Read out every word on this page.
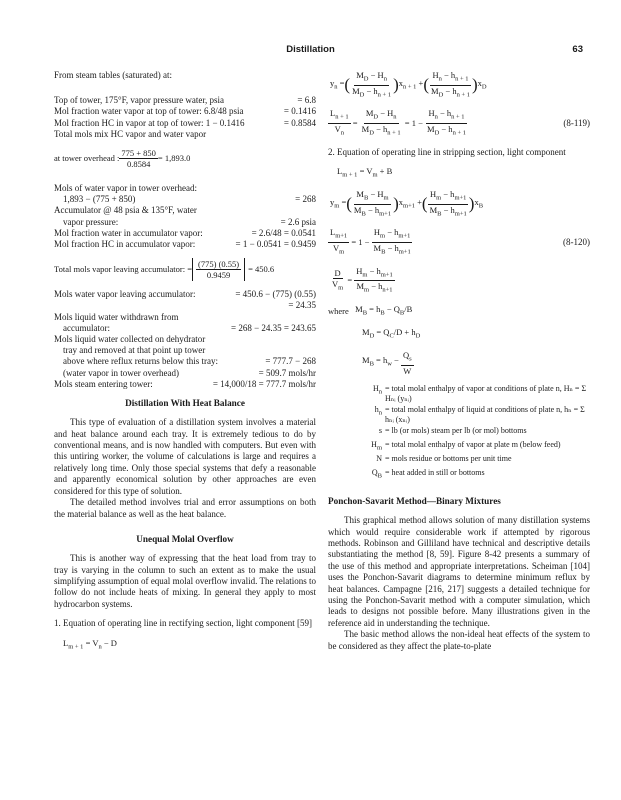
Distillation	63
From steam tables (saturated) at:
Top of tower, 175°F, vapor pressure water, psia	= 6.8
Mol fraction water vapor at top of tower: 6.8/48 psia	= 0.1416
Mol fraction HC in vapor at top of tower: 1 − 0.1416	= 0.8584
Total mols mix HC vapor and water vapor
at tower overhead : $\frac{775 + 850}{0.8584} = 1,893.0$
Mols of water vapor in tower overhead:
1,893 − (775 + 850)	= 268
Accumulator @ 48 psia & 135°F, water
vapor pressure:	= 2.6 psia
Mol fraction water in accumulator vapor:	= 2.6/48 = 0.0541
Mol fraction HC in accumulator vapor:	= 1 − 0.0541 = 0.9459
Total mols vapor leaving accumulator: = $\frac{(775) (0.55)}{0.9459} = 450.6$
Mols water vapor leaving accumulator:	= 450.6 − (775) (0.55)
= 24.35
Mols liquid water withdrawn from
accumulator:	= 268 − 24.35 = 243.65
Mols liquid water collected on dehydrator
tray and removed at that point up tower
above where reflux returns below this tray:	= 777.7 − 268
(water vapor in tower overhead)	= 509.7 mols/hr
Mols steam entering tower:	= 14,000/18 = 777.7 mols/hr
Distillation With Heat Balance
This type of evaluation of a distillation system involves a material and heat balance around each tray. It is extremely tedious to do by conventional means, and is now handled with computers. But even with this untiring worker, the volume of calculations is large and requires a relatively long time. Only those special systems that defy a reasonable and apparently economical solution by other approaches are even considered for this type of solution.
The detailed method involves trial and error assumptions on both the material balance as well as the heat balance.
Unequal Molal Overflow
This is another way of expressing that the heat load from tray to tray is varying in the column to such an extent as to make the usual simplifying assumption of equal molal overflow invalid. The relations to follow do not include heats of mixing. In general they apply to most hydrocarbon systems.
1. Equation of operating line in rectifying section, light component [59]
$L_{m + 1} = V_n - D$
$y_n$ = ( $\frac{M_D - H_n}{M_D - h_{n + 1}}$ ) $x_{n + 1}$ + ( $\frac{H_n - h_{n + 1}}{M_D - h_{n + 1}}$ ) $x_D$
$\frac{L_{n + 1}}{V_n} = \frac{M_D - H_n}{M_D - h_{n + 1}} = 1 - \frac{H_n - h_{n + 1}}{M_D - h_{n + 1}}$	(8-119)
2. Equation of operating line in stripping section, light component
$L_{m + 1} = V_m + B$
$y_m$ = ( $\frac{M_B - H_m}{M_B - h_{m+1}}$ ) $x_{m+1}$ + ( $\frac{H_m - h_{m+1}}{M_B - h_{m+1}}$ ) $x_B$
$\frac{L_{m+1}}{V_m} = 1 - \frac{H_m - h_{m+1}}{M_B - h_{m+1}}$	(8-120)
$\frac{D}{V_m} = \frac{H_m - h_{m+1}}{M_m - h_{n+1}}$
where $M_B = h_B - Q_B/B$
$M_D = Q_C/D + h_D$
$M_B = h_w - \frac{Q_s}{W}$
$H_n$ = total molal enthalpy of vapor at conditions of plate n, Hₙ = Σ Hₙᵢ (yₙᵢ)
$h_n$ = total molal enthalpy of liquid at conditions of plate n, hₙ = Σ hₙᵢ (xₙᵢ)
s = lb (or mols) steam per lb (or mol) bottoms
$H_m$ = total molal enthalpy of vapor at plate m (below feed)
N = mols residue or bottoms per unit time
$Q_B$ = heat added in still or bottoms
Ponchon-Savarit Method—Binary Mixtures
This graphical method allows solution of many distillation systems which would require considerable work if attempted by rigorous methods. Robinson and Gilliland have technical and descriptive details substantiating the method [8, 59]. Figure 8-42 presents a summary of the use of this method and appropriate interpretations. Scheiman [104] uses the Ponchon-Savarit diagrams to determine minimum reflux by heat balances. Campagne [216, 217] suggests a detailed technique for using the Ponchon-Savarit method with a computer simulation, which leads to designs not possible before. Many illustrations given in the reference aid in understanding the technique.
The basic method allows the non-ideal heat effects of the system to be considered as they affect the plate-to-plate
